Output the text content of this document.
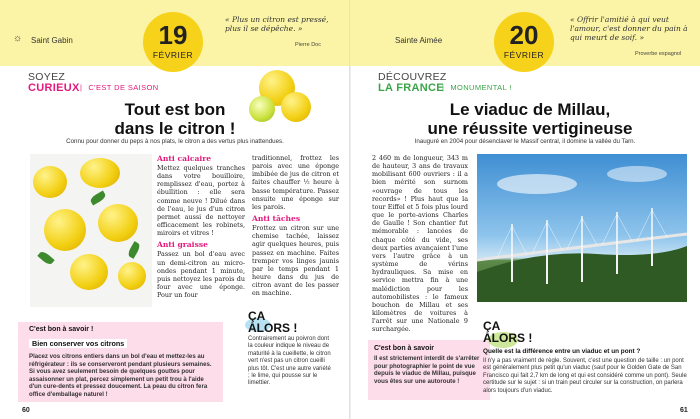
☼ Saint Gabin	19
FÉVRIER
« Plus un citron est pressé, plus il se dépêche. »
Pierre Doc
SOYEZ
CURIEUX	| C'EST DE SAISON
Tout est bon
dans le citron !
Connu pour donner du peps à nos plats, le citron a des vertus plus inattendues.
Anti calcaire

Mettez quelques tranches dans votre bouilloire, remplissez d'eau, portez à ébullition : elle sera comme neuve ! Dilué dans de l'eau, le jus d'un citron permet aussi de nettoyer efficacement les robinets, miroirs et vitres !

Anti graisse

Passez un bol d'eau avec un demi-citron au micro-ondes pendant 1 minute, puis nettoyez les parois du four avec une éponge. Pour un four

traditionnel, frottez les parois avec une éponge imbibée de jus de citron et faites chauffer ½ heure à basse température. Passez ensuite une éponge sur les parois.

Anti tâches

Frottez un citron sur une chemise tachée, laissez agir quelques heures, puis passez en machine. Faites tremper vos linges jaunis par le temps pendant 1 heure dans du jus de citron avant de les passer en machine.

C'est bon à savoir !
Bien conserver vos citrons

Placez vos citrons entiers dans un bol d'eau et mettez-les au réfrigérateur : ils se conserveront pendant plusieurs semaines. Si vous avez seulement besoin de quelques gouttes pour assaisonner un plat, percez simplement un petit trou à l'aide d'un cure-dents et pressez doucement. La peau du citron fera office d'emballage naturel !

ÇA
ALORS !
Contrairement au poivron dont la couleur indique le niveau de maturité à la cueillette, le citron vert n'est pas un citron cueilli plus tôt. C'est une autre variété ; le lime, qui pousse sur le limettier.
60
Sainte Aimée	20
FÉVRIER
« Offrir l'amitié à qui veut l'amour, c'est donner du pain à qui meurt de soif. »
Proverbe espagnol
DÉCOUVREZ
LA FRANCE | MONUMENTAL !
Le viaduc de Millau,
une réussite vertigineuse
Inauguré en 2004 pour désenclaver le Massif central, il domine la vallée du Tarn.

2 460 m de longueur, 343 m de hauteur, 3 ans de travaux mobilisant 600 ouvriers : il a bien mérité son surnom «ouvrage de tous les records» ! Plus haut que la tour Eiffel et 5 fois plus lourd que le porte-avions Charles de Gaulle ! Son chantier fut mémorable : lancées de chaque côté du vide, ses deux parties avançaient l'une vers l'autre grâce à un système de vérins hydrauliques. Sa mise en service mettra fin à une malédiction pour les automobilistes : le fameux bouchon de Millau et ses kilomètres de voitures à l'arrêt sur une Nationale 9 surchargée.

C'est bon à savoir

Il est strictement interdit de s'arrêter pour photographier le point de vue depuis le viaduc de Millau, puisque vous êtes sur une autoroute !

ÇA
ALORS !
Quelle est la différence entre un viaduc et un pont ?
Il n'y a pas vraiment de règle. Souvent, c'est une question de taille : un pont est généralement plus petit qu'un viaduc (sauf pour le Golden Gate de San Francisco qui fait 2,7 km de long et qui est considéré comme un pont). Seule certitude sur le sujet : si un train peut circuler sur la construction, on parlera alors toujours d'un viaduc.
61
